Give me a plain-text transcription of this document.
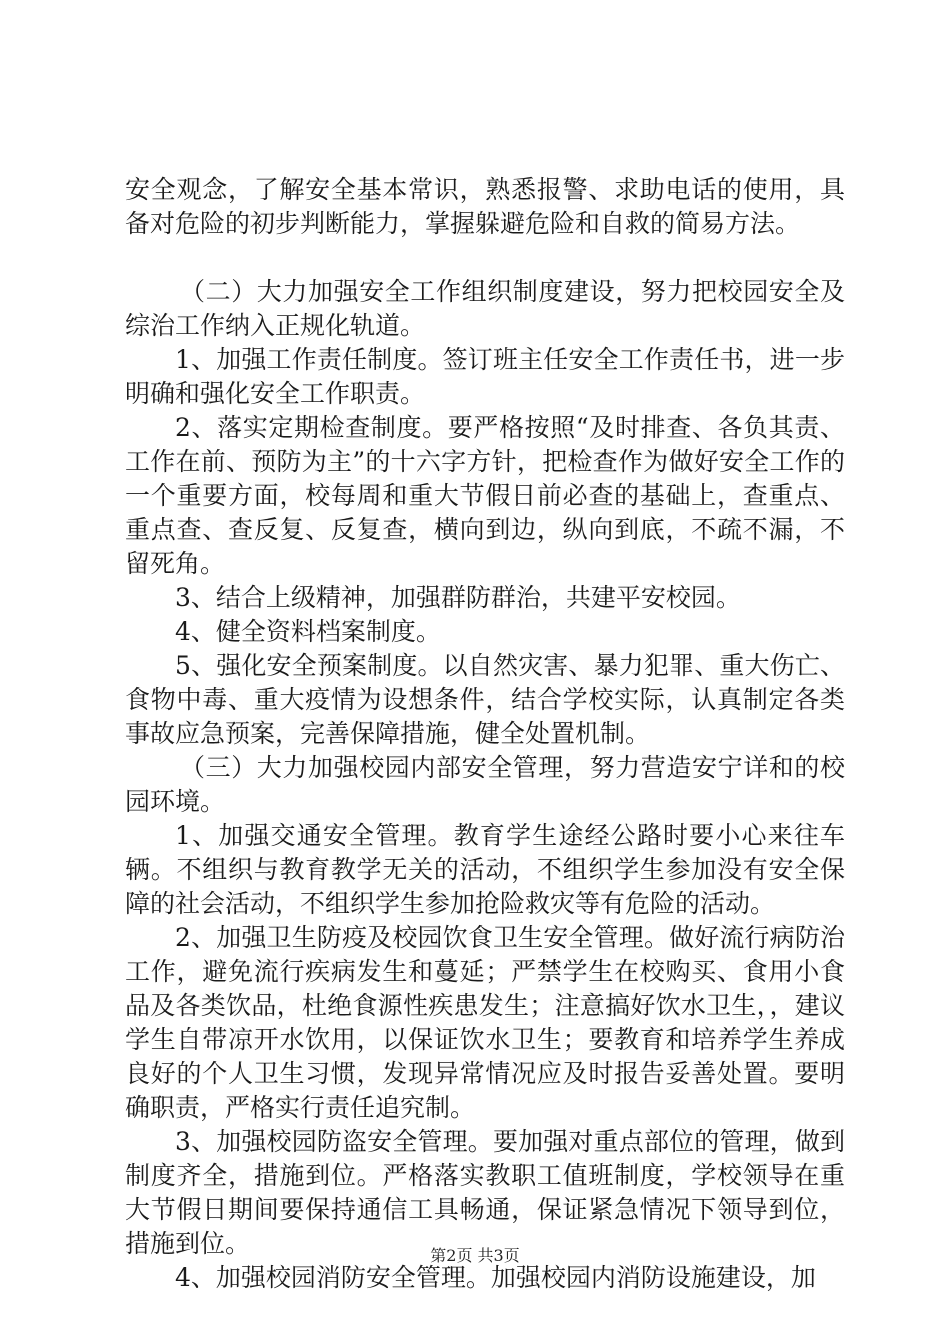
安全观念，了解安全基本常识，熟悉报警、求助电话的使用，具备对危险的初步判断能力，掌握躲避危险和自救的简易方法。

（二）大力加强安全工作组织制度建设，努力把校园安全及综治工作纳入正规化轨道。

1、加强工作责任制度。签订班主任安全工作责任书，进一步明确和强化安全工作职责。

2、落实定期检查制度。要严格按照“及时排查、各负其责、工作在前、预防为主”的十六字方针，把检查作为做好安全工作的一个重要方面，校每周和重大节假日前必查的基础上，查重点、重点查、查反复、反复查，横向到边，纵向到底，不疏不漏，不留死角。

3、结合上级精神，加强群防群治，共建平安校园。

4、健全资料档案制度。

5、强化安全预案制度。以自然灾害、暴力犯罪、重大伤亡、食物中毒、重大疫情为设想条件，结合学校实际，认真制定各类事故应急预案，完善保障措施，健全处置机制。

（三）大力加强校园内部安全管理，努力营造安宁详和的校园环境。

1、加强交通安全管理。教育学生途经公路时要小心来往车辆。不组织与教育教学无关的活动，不组织学生参加没有安全保障的社会活动，不组织学生参加抢险救灾等有危险的活动。

2、加强卫生防疫及校园饮食卫生安全管理。做好流行病防治工作，避免流行疾病发生和蔓延；严禁学生在校购买、食用小食品及各类饮品，杜绝食源性疾患发生；注意搞好饮水卫生，，建议学生自带凉开水饮用，以保证饮水卫生；要教育和培养学生养成良好的个人卫生习惯，发现异常情况应及时报告妥善处置。要明确职责，严格实行责任追究制。

3、加强校园防盗安全管理。要加强对重点部位的管理，做到制度齐全，措施到位。严格落实教职工值班制度，学校领导在重大节假日期间要保持通信工具畅通，保证紧急情况下领导到位，措施到位。

4、加强校园消防安全管理。加强校园内消防设施建设，加

第2页 共3页
